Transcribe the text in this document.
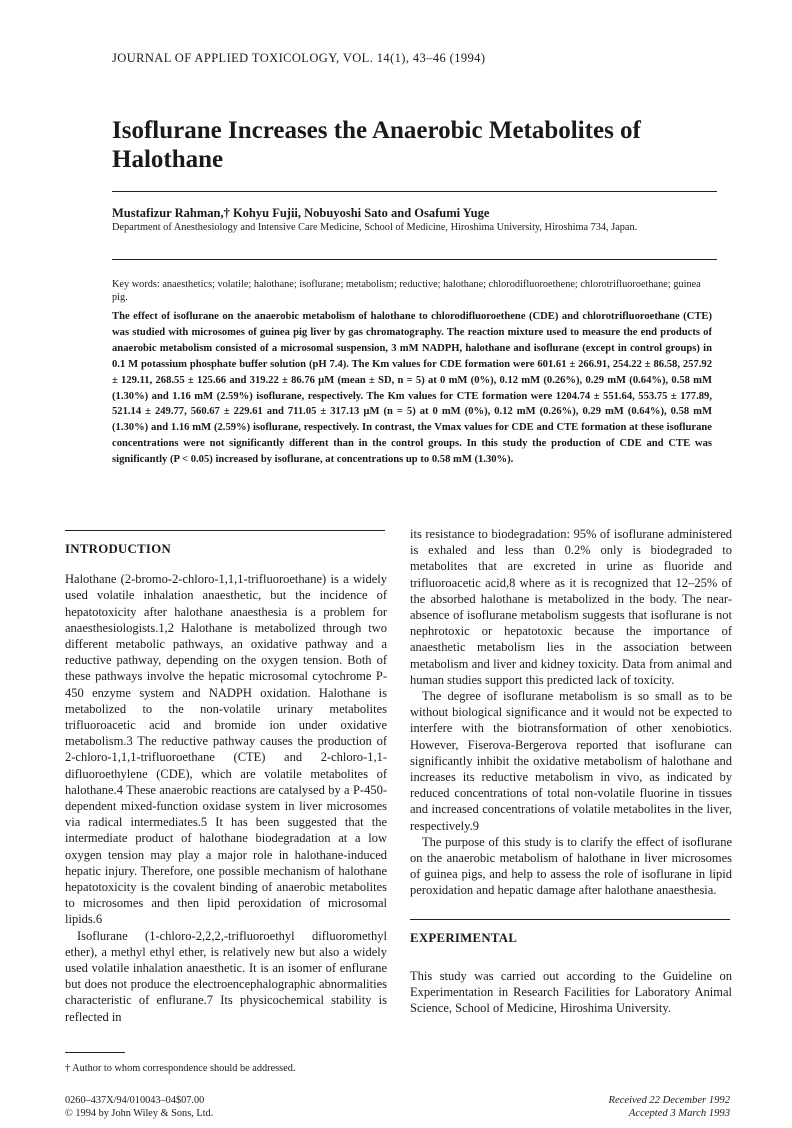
JOURNAL OF APPLIED TOXICOLOGY, VOL. 14(1), 43–46 (1994)
Isoflurane Increases the Anaerobic Metabolites of Halothane
Mustafizur Rahman,† Kohyu Fujii, Nobuyoshi Sato and Osafumi Yuge
Department of Anesthesiology and Intensive Care Medicine, School of Medicine, Hiroshima University, Hiroshima 734, Japan.
Key words: anaesthetics; volatile; halothane; isoflurane; metabolism; reductive; halothane; chlorodifluoroethene; chlorotrifluoroethane; guinea pig.
The effect of isoflurane on the anaerobic metabolism of halothane to chlorodifluoroethene (CDE) and chlorotrifluoroethane (CTE) was studied with microsomes of guinea pig liver by gas chromatography. The reaction mixture used to measure the end products of anaerobic metabolism consisted of a microsomal suspension, 3 mM NADPH, halothane and isoflurane (except in control groups) in 0.1 M potassium phosphate buffer solution (pH 7.4). The Km values for CDE formation were 601.61 ± 266.91, 254.22 ± 86.58, 257.92 ± 129.11, 268.55 ± 125.66 and 319.22 ± 86.76 µM (mean ± SD, n = 5) at 0 mM (0%), 0.12 mM (0.26%), 0.29 mM (0.64%), 0.58 mM (1.30%) and 1.16 mM (2.59%) isoflurane, respectively. The Km values for CTE formation were 1204.74 ± 551.64, 553.75 ± 177.89, 521.14 ± 249.77, 560.67 ± 229.61 and 711.05 ± 317.13 µM (n = 5) at 0 mM (0%), 0.12 mM (0.26%), 0.29 mM (0.64%), 0.58 mM (1.30%) and 1.16 mM (2.59%) isoflurane, respectively. In contrast, the Vmax values for CDE and CTE formation at these isoflurane concentrations were not significantly different than in the control groups. In this study the production of CDE and CTE was significantly (P < 0.05) increased by isoflurane, at concentrations up to 0.58 mM (1.30%).
INTRODUCTION

Halothane (2-bromo-2-chloro-1,1,1-trifluoroethane) is a widely used volatile inhalation anaesthetic, but the incidence of hepatotoxicity after halothane anaesthesia is a problem for anaesthesiologists.1,2 Halothane is metabolized through two different metabolic pathways, an oxidative pathway and a reductive pathway, depending on the oxygen tension. Both of these pathways involve the hepatic microsomal cytochrome P-450 enzyme system and NADPH oxidation. Halothane is metabolized to the non-volatile urinary metabolites trifluoroacetic acid and bromide ion under oxidative metabolism.3 The reductive pathway causes the production of 2-chloro-1,1,1-trifluoroethane (CTE) and 2-chloro-1,1-difluoroethylene (CDE), which are volatile metabolites of halothane.4 These anaerobic reactions are catalysed by a P-450-dependent mixed-function oxidase system in liver microsomes via radical intermediates.5 It has been suggested that the intermediate product of halothane biodegradation at a low oxygen tension may play a major role in halothane-induced hepatic injury. Therefore, one possible mechanism of halothane hepatotoxicity is the covalent binding of anaerobic metabolites to microsomes and then lipid peroxidation of microsomal lipids.6

Isoflurane (1-chloro-2,2,2,-trifluoroethyl difluoromethyl ether), a methyl ethyl ether, is relatively new but also a widely used volatile inhalation anaesthetic. It is an isomer of enflurane but does not produce the electroencephalographic abnormalities characteristic of enflurane.7 Its physicochemical stability is reflected in

its resistance to biodegradation: 95% of isoflurane administered is exhaled and less than 0.2% only is biodegraded to metabolites that are excreted in urine as fluoride and trifluoroacetic acid,8 where as it is recognized that 12–25% of the absorbed halothane is metabolized in the body. The near-absence of isoflurane metabolism suggests that isoflurane is not nephrotoxic or hepatotoxic because the importance of anaesthetic metabolism lies in the association between metabolism and liver and kidney toxicity. Data from animal and human studies support this predicted lack of toxicity.

The degree of isoflurane metabolism is so small as to be without biological significance and it would not be expected to interfere with the biotransformation of other xenobiotics. However, Fiserova-Bergerova reported that isoflurane can significantly inhibit the oxidative metabolism of halothane and increases its reductive metabolism in vivo, as indicated by reduced concentrations of total non-volatile fluorine in tissues and increased concentrations of volatile metabolites in the liver, respectively.9

The purpose of this study is to clarify the effect of isoflurane on the anaerobic metabolism of halothane in liver microsomes of guinea pigs, and help to assess the role of isoflurane in lipid peroxidation and hepatic damage after halothane anaesthesia.

EXPERIMENTAL

This study was carried out according to the Guideline on Experimentation in Research Facilities for Laboratory Animal Science, School of Medicine, Hiroshima University.

† Author to whom correspondence should be addressed.
0260–437X/94/010043–04$07.00
© 1994 by John Wiley & Sons, Ltd.
Received 22 December 1992
Accepted 3 March 1993
